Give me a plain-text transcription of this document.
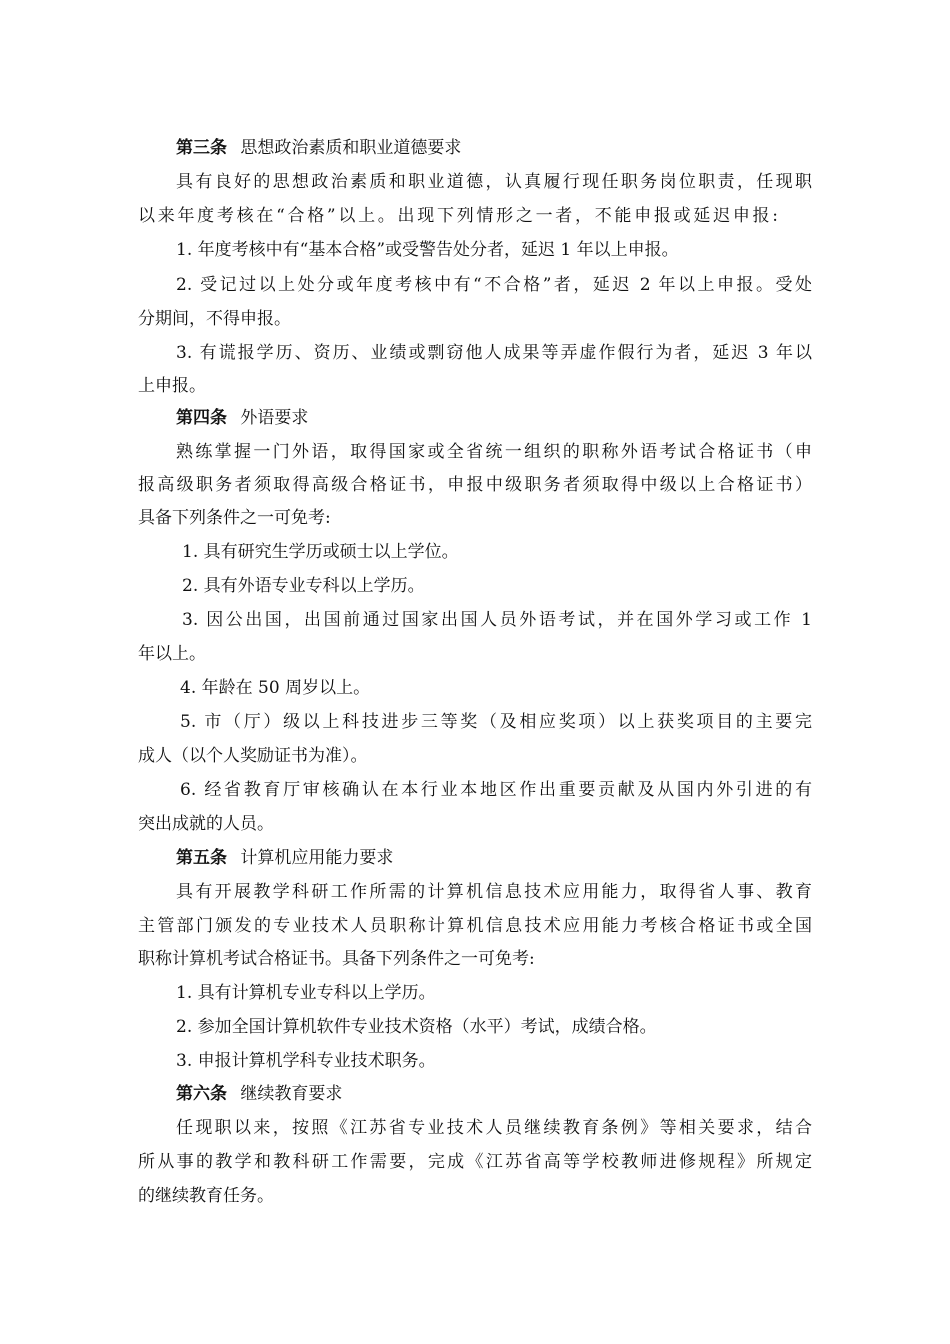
第三条 思想政治素质和职业道德要求
具有良好的思想政治素质和职业道德，认真履行现任职务岗位职责，任现职
以来年度考核在“合格”以上。出现下列情形之一者，不能申报或延迟申报:
1. 年度考核中有“基本合格”或受警告处分者，延迟 1 年以上申报。
2. 受记过以上处分或年度考核中有“不合格”者，延迟 2 年以上申报。受处
分期间，不得申报。
3. 有谎报学历、资历、业绩或剽窃他人成果等弄虚作假行为者，延迟 3 年以
上申报。
第四条 外语要求
熟练掌握一门外语，取得国家或全省统一组织的职称外语考试合格证书（申
报高级职务者须取得高级合格证书，申报中级职务者须取得中级以上合格证书）
具备下列条件之一可免考:
1. 具有研究生学历或硕士以上学位。
2. 具有外语专业专科以上学历。
3. 因公出国，出国前通过国家出国人员外语考试，并在国外学习或工作 1
年以上。
4. 年龄在 50 周岁以上。
5. 市（厅）级以上科技进步三等奖（及相应奖项）以上获奖项目的主要完
成人（以个人奖励证书为准）。
6. 经省教育厅审核确认在本行业本地区作出重要贡献及从国内外引进的有
突出成就的人员。
第五条 计算机应用能力要求
具有开展教学科研工作所需的计算机信息技术应用能力，取得省人事、教育
主管部门颁发的专业技术人员职称计算机信息技术应用能力考核合格证书或全国
职称计算机考试合格证书。具备下列条件之一可免考:
1. 具有计算机专业专科以上学历。
2. 参加全国计算机软件专业技术资格（水平）考试，成绩合格。
3. 申报计算机学科专业技术职务。
第六条 继续教育要求
任现职以来，按照《江苏省专业技术人员继续教育条例》等相关要求，结合
所从事的教学和教科研工作需要，完成《江苏省高等学校教师进修规程》所规定
的继续教育任务。
